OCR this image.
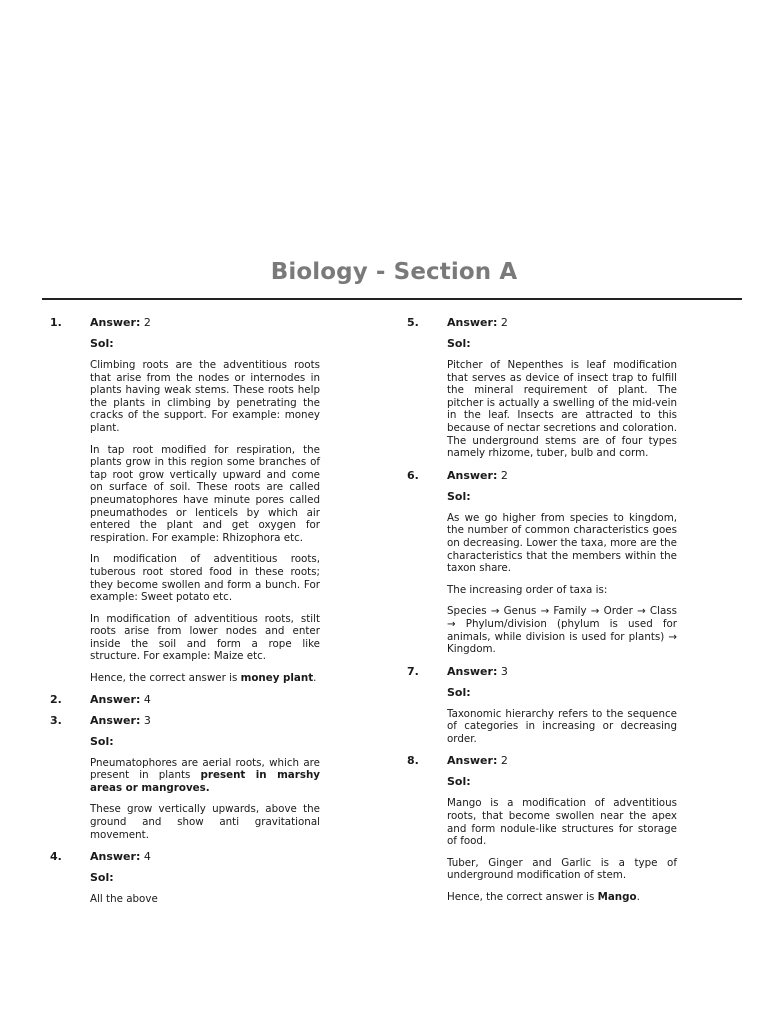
Biology - Section A
1.	Answer: 2
Sol:

Climbing roots are the adventitious roots that arise from the nodes or internodes in plants having weak stems. These roots help the plants in climbing by penetrating the cracks of the support. For example: money plant.

In tap root modified for respiration, the plants grow in this region some branches of tap root grow vertically upward and come on surface of soil. These roots are called pneumatophores have minute pores called pneumathodes or lenticels by which air entered the plant and get oxygen for respiration. For example: Rhizophora etc.

In modification of adventitious roots, tuberous root stored food in these roots; they become swollen and form a bunch. For example: Sweet potato etc.

In modification of adventitious roots, stilt roots arise from lower nodes and enter inside the soil and form a rope like structure. For example: Maize etc.

Hence, the correct answer is money plant.

2.	Answer: 4
3.	Answer: 3
Sol:

Pneumatophores are aerial roots, which are present in plants present in marshy areas or mangroves.

These grow vertically upwards, above the ground and show anti gravitational movement.

4.	Answer: 4
Sol:

All the above

5.	Answer: 2
Sol:

Pitcher of Nepenthes is leaf modification that serves as device of insect trap to fulfill the mineral requirement of plant. The pitcher is actually a swelling of the mid-vein in the leaf. Insects are attracted to this because of nectar secretions and coloration. The underground stems are of four types namely rhizome, tuber, bulb and corm.

6.	Answer: 2
Sol:

As we go higher from species to kingdom, the number of common characteristics goes on decreasing. Lower the taxa, more are the characteristics that the members within the taxon share.

The increasing order of taxa is:

Species → Genus → Family → Order → Class → Phylum/division (phylum is used for animals, while division is used for plants) → Kingdom.

7.	Answer: 3
Sol:

Taxonomic hierarchy refers to the sequence of categories in increasing or decreasing order.

8.	Answer: 2
Sol:

Mango is a modification of adventitious roots, that become swollen near the apex and form nodule-like structures for storage of food.

Tuber, Ginger and Garlic is a type of underground modification of stem.

Hence, the correct answer is Mango.
